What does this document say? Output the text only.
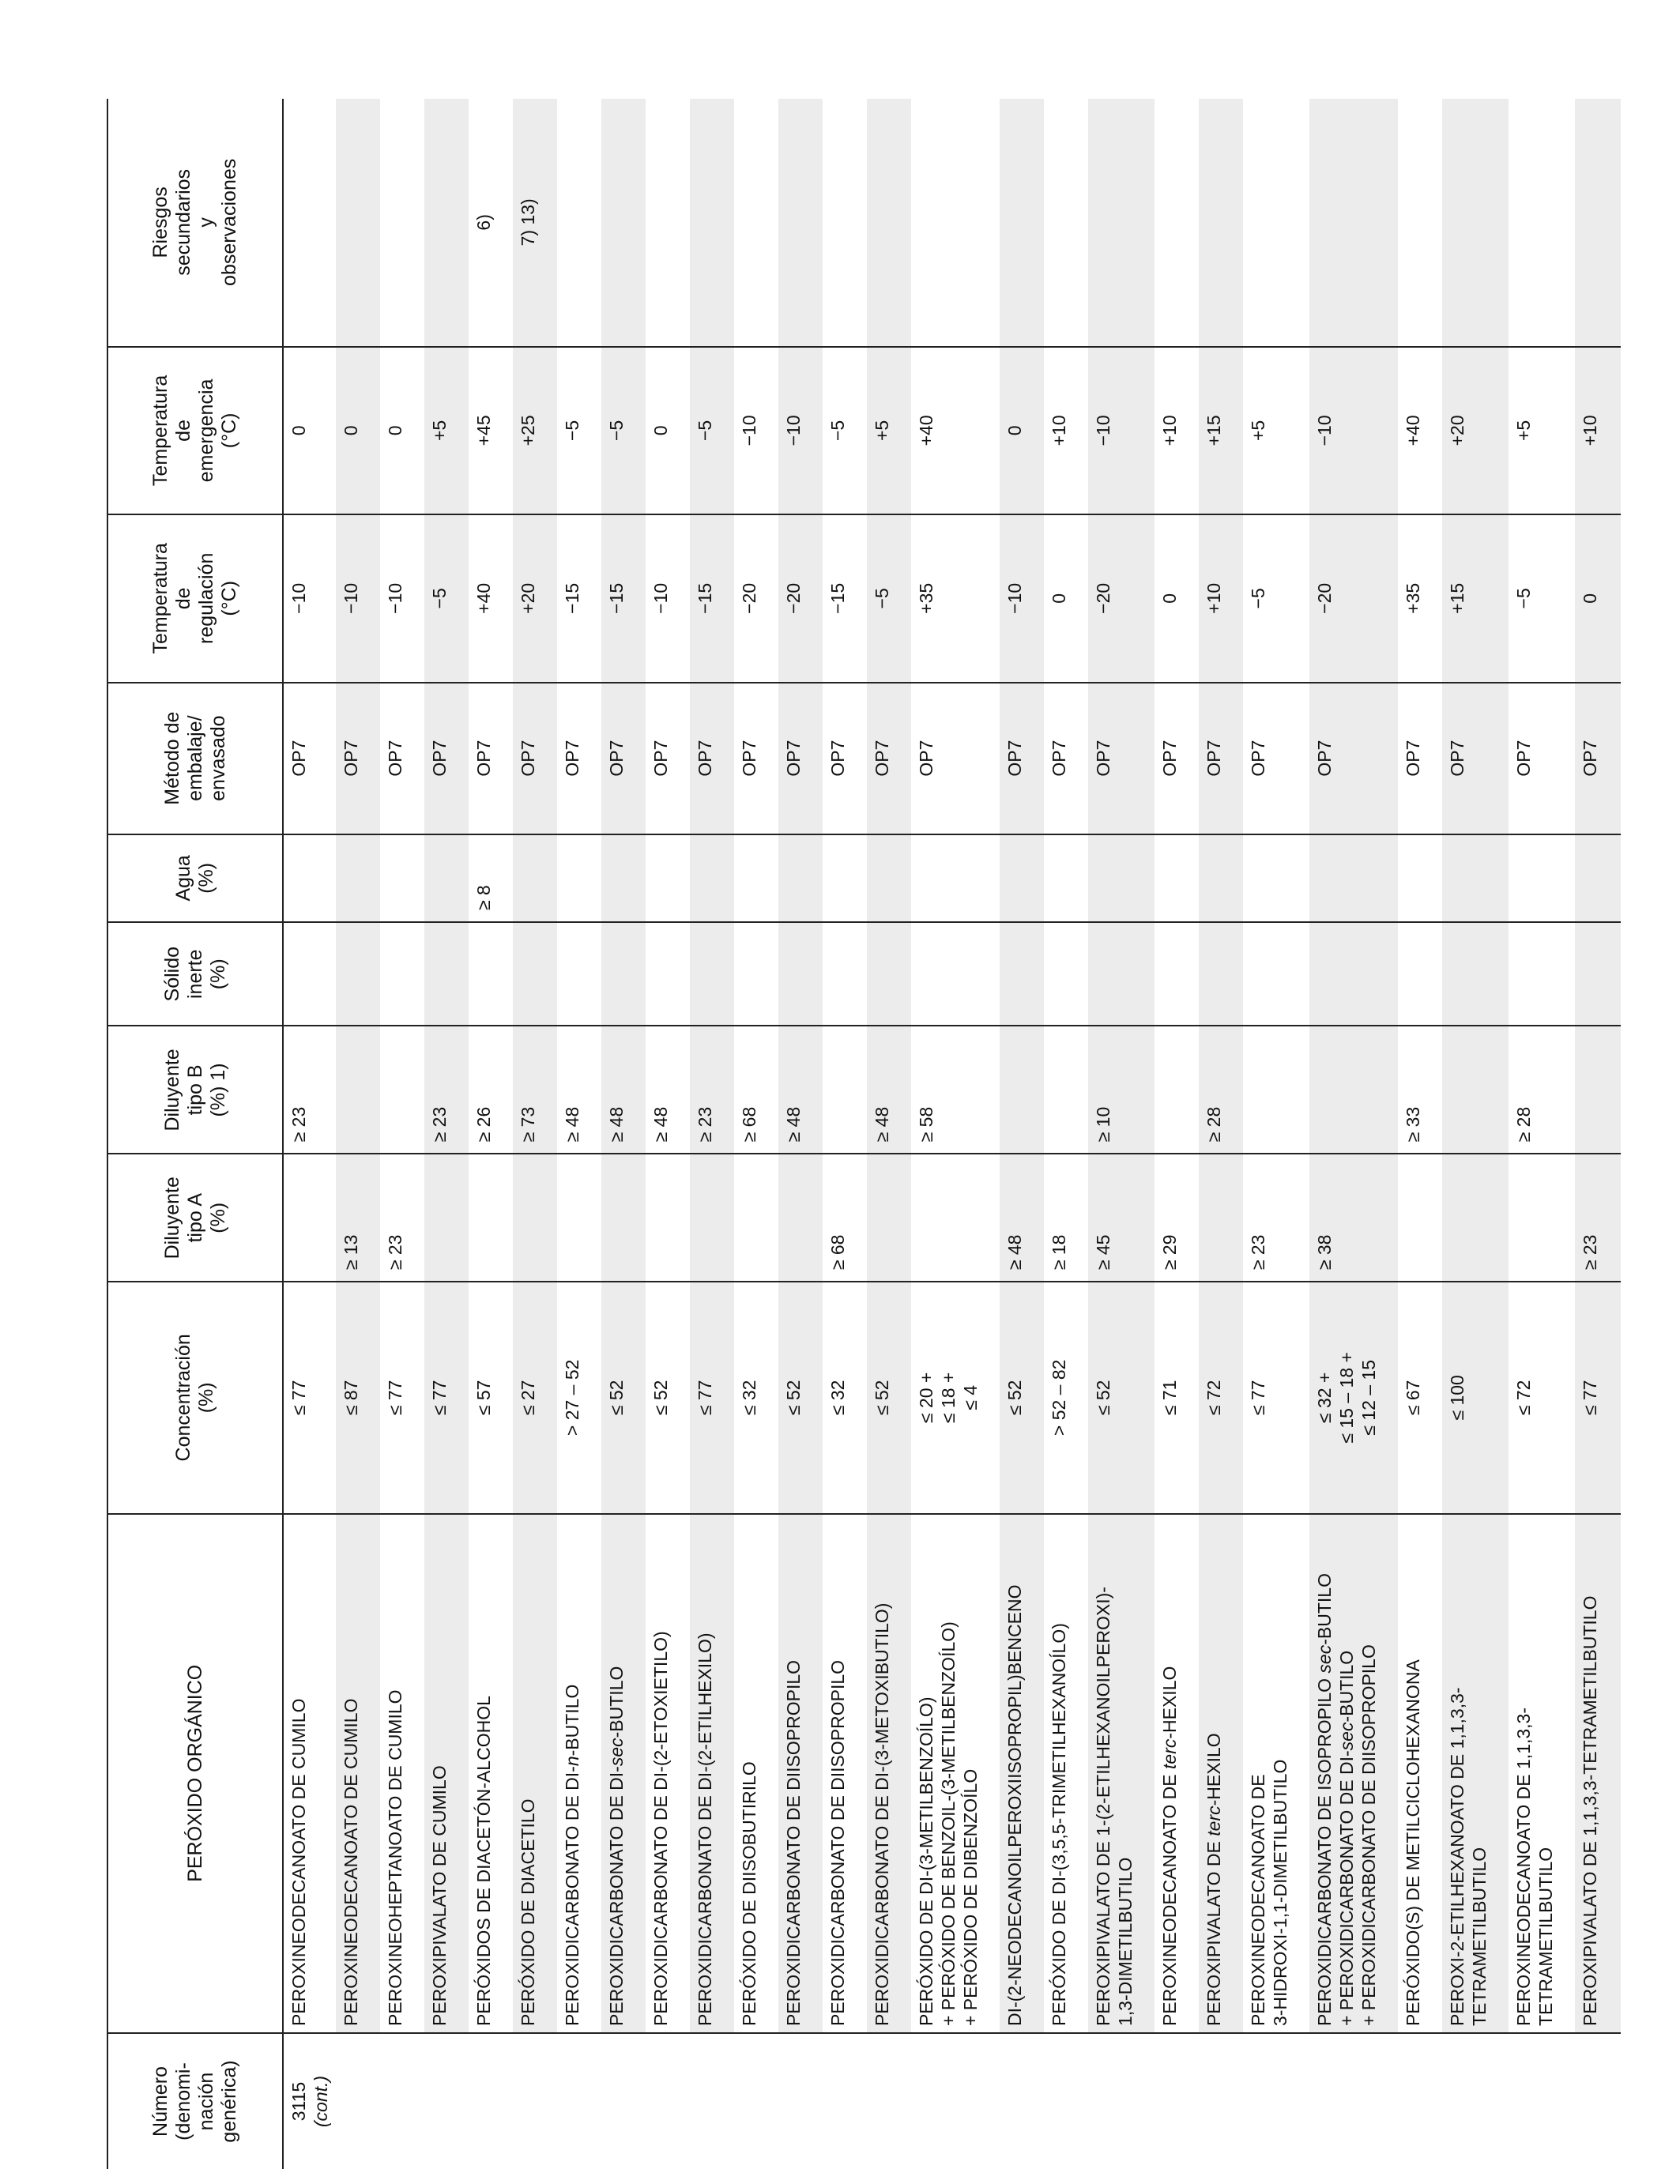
Número (denomi- nación genérica)	PERÓXIDO ORGÁNICO	Concentración (%)	Diluyente tipo A (%)	Diluyente tipo B (%) 1)	Sólido inerte (%)	Agua (%)	Método de embalaje/ envasado	Temperatura de regulación (°C)	Temperatura de emergencia (°C)	Riesgos secundarios y observaciones

3115 (cont.)	PEROXINEODECANOATO DE CUMILO	≤ 77		≥ 23			OP7	−10	0	

	PEROXINEODECANOATO DE CUMILO	≤ 87	≥ 13				OP7	−10	0	

	PEROXINEOHEPTANOATO DE CUMILO	≤ 77	≥ 23				OP7	−10	0	

	PEROXIPIVALATO DE CUMILO	≤ 77		≥ 23			OP7	−5	+5	

	PERÓXIDOS DE DIACETÓN-ALCOHOL	≤ 57		≥ 26		≥ 8	OP7	+40	+45	6)

	PERÓXIDO DE DIACETILO	≤ 27		≥ 73			OP7	+20	+25	7) 13)

	PEROXIDICARBONATO DE DI-n-BUTILO	> 27 – 52		≥ 48			OP7	−15	−5	

	PEROXIDICARBONATO DE DI-sec-BUTILO	≤ 52		≥ 48			OP7	−15	−5	

	PEROXIDICARBONATO DE DI-(2-ETOXIETILO)	≤ 52		≥ 48			OP7	−10	0	

	PEROXIDICARBONATO DE DI-(2-ETILHEXILO)	≤ 77		≥ 23			OP7	−15	−5	

	PERÓXIDO DE DIISOBUTIRILO	≤ 32		≥ 68			OP7	−20	−10	

	PEROXIDICARBONATO DE DIISOPROPILO	≤ 52		≥ 48			OP7	−20	−10	

	PEROXIDICARBONATO DE DIISOPROPILO	≤ 32	≥ 68				OP7	−15	−5	

	PEROXIDICARBONATO DE DI-(3-METOXIBUTILO)	≤ 52		≥ 48			OP7	−5	+5	

	PERÓXIDO DE DI-(3-METILBENZOÍLO) + PERÓXIDO DE BENZOIL-(3-METILBENZOÍLO) + PERÓXIDO DE DIBENZOÍLO	≤ 20 + ≤ 18 + ≤ 4		≥ 58			OP7	+35	+40	

	DI-(2-NEODECANOILPEROXIISOPROPIL)BENCENO	≤ 52	≥ 48				OP7	−10	0	

	PERÓXIDO DE DI-(3,5,5-TRIMETILHEXANOÍLO)	> 52 – 82	≥ 18				OP7	0	+10	

	PEROXIPIVALATO DE 1-(2-ETILHEXANOILPEROXI)- 1,3-DIMETILBUTILO	≤ 52	≥ 45	≥ 10			OP7	−20	−10	

	PEROXINEODECANOATO DE terc-HEXILO	≤ 71	≥ 29				OP7	0	+10	

	PEROXIPIVALATO DE terc-HEXILO	≤ 72		≥ 28			OP7	+10	+15	

	PEROXINEODECANOATO DE 3-HIDROXI-1,1-DIMETILBUTILO	≤ 77	≥ 23				OP7	−5	+5	

	PEROXIDICARBONATO DE ISOPROPILO sec-BUTILO
+ PEROXIDICARBONATO DE DI-sec-BUTILO + PEROXIDICARBONATO DE DIISOPROPILO	≤ 32 + ≤ 15 – 18 + ≤ 12 – 15	≥ 38				OP7	−20	−10	

	PERÓXIDO(S) DE METILCICLOHEXANONA	≤ 67		≥ 33			OP7	+35	+40	

	PEROXI-2-ETILHEXANOATO DE 1,1,3,3- TETRAMETILBUTILO	≤ 100					OP7	+15	+20	

	PEROXINEODECANOATO DE 1,1,3,3- TETRAMETILBUTILO	≤ 72		≥ 28			OP7	−5	+5	

	PEROXIPIVALATO DE 1,1,3,3-TETRAMETILBUTILO	≤ 77	≥ 23				OP7	0	+10	
